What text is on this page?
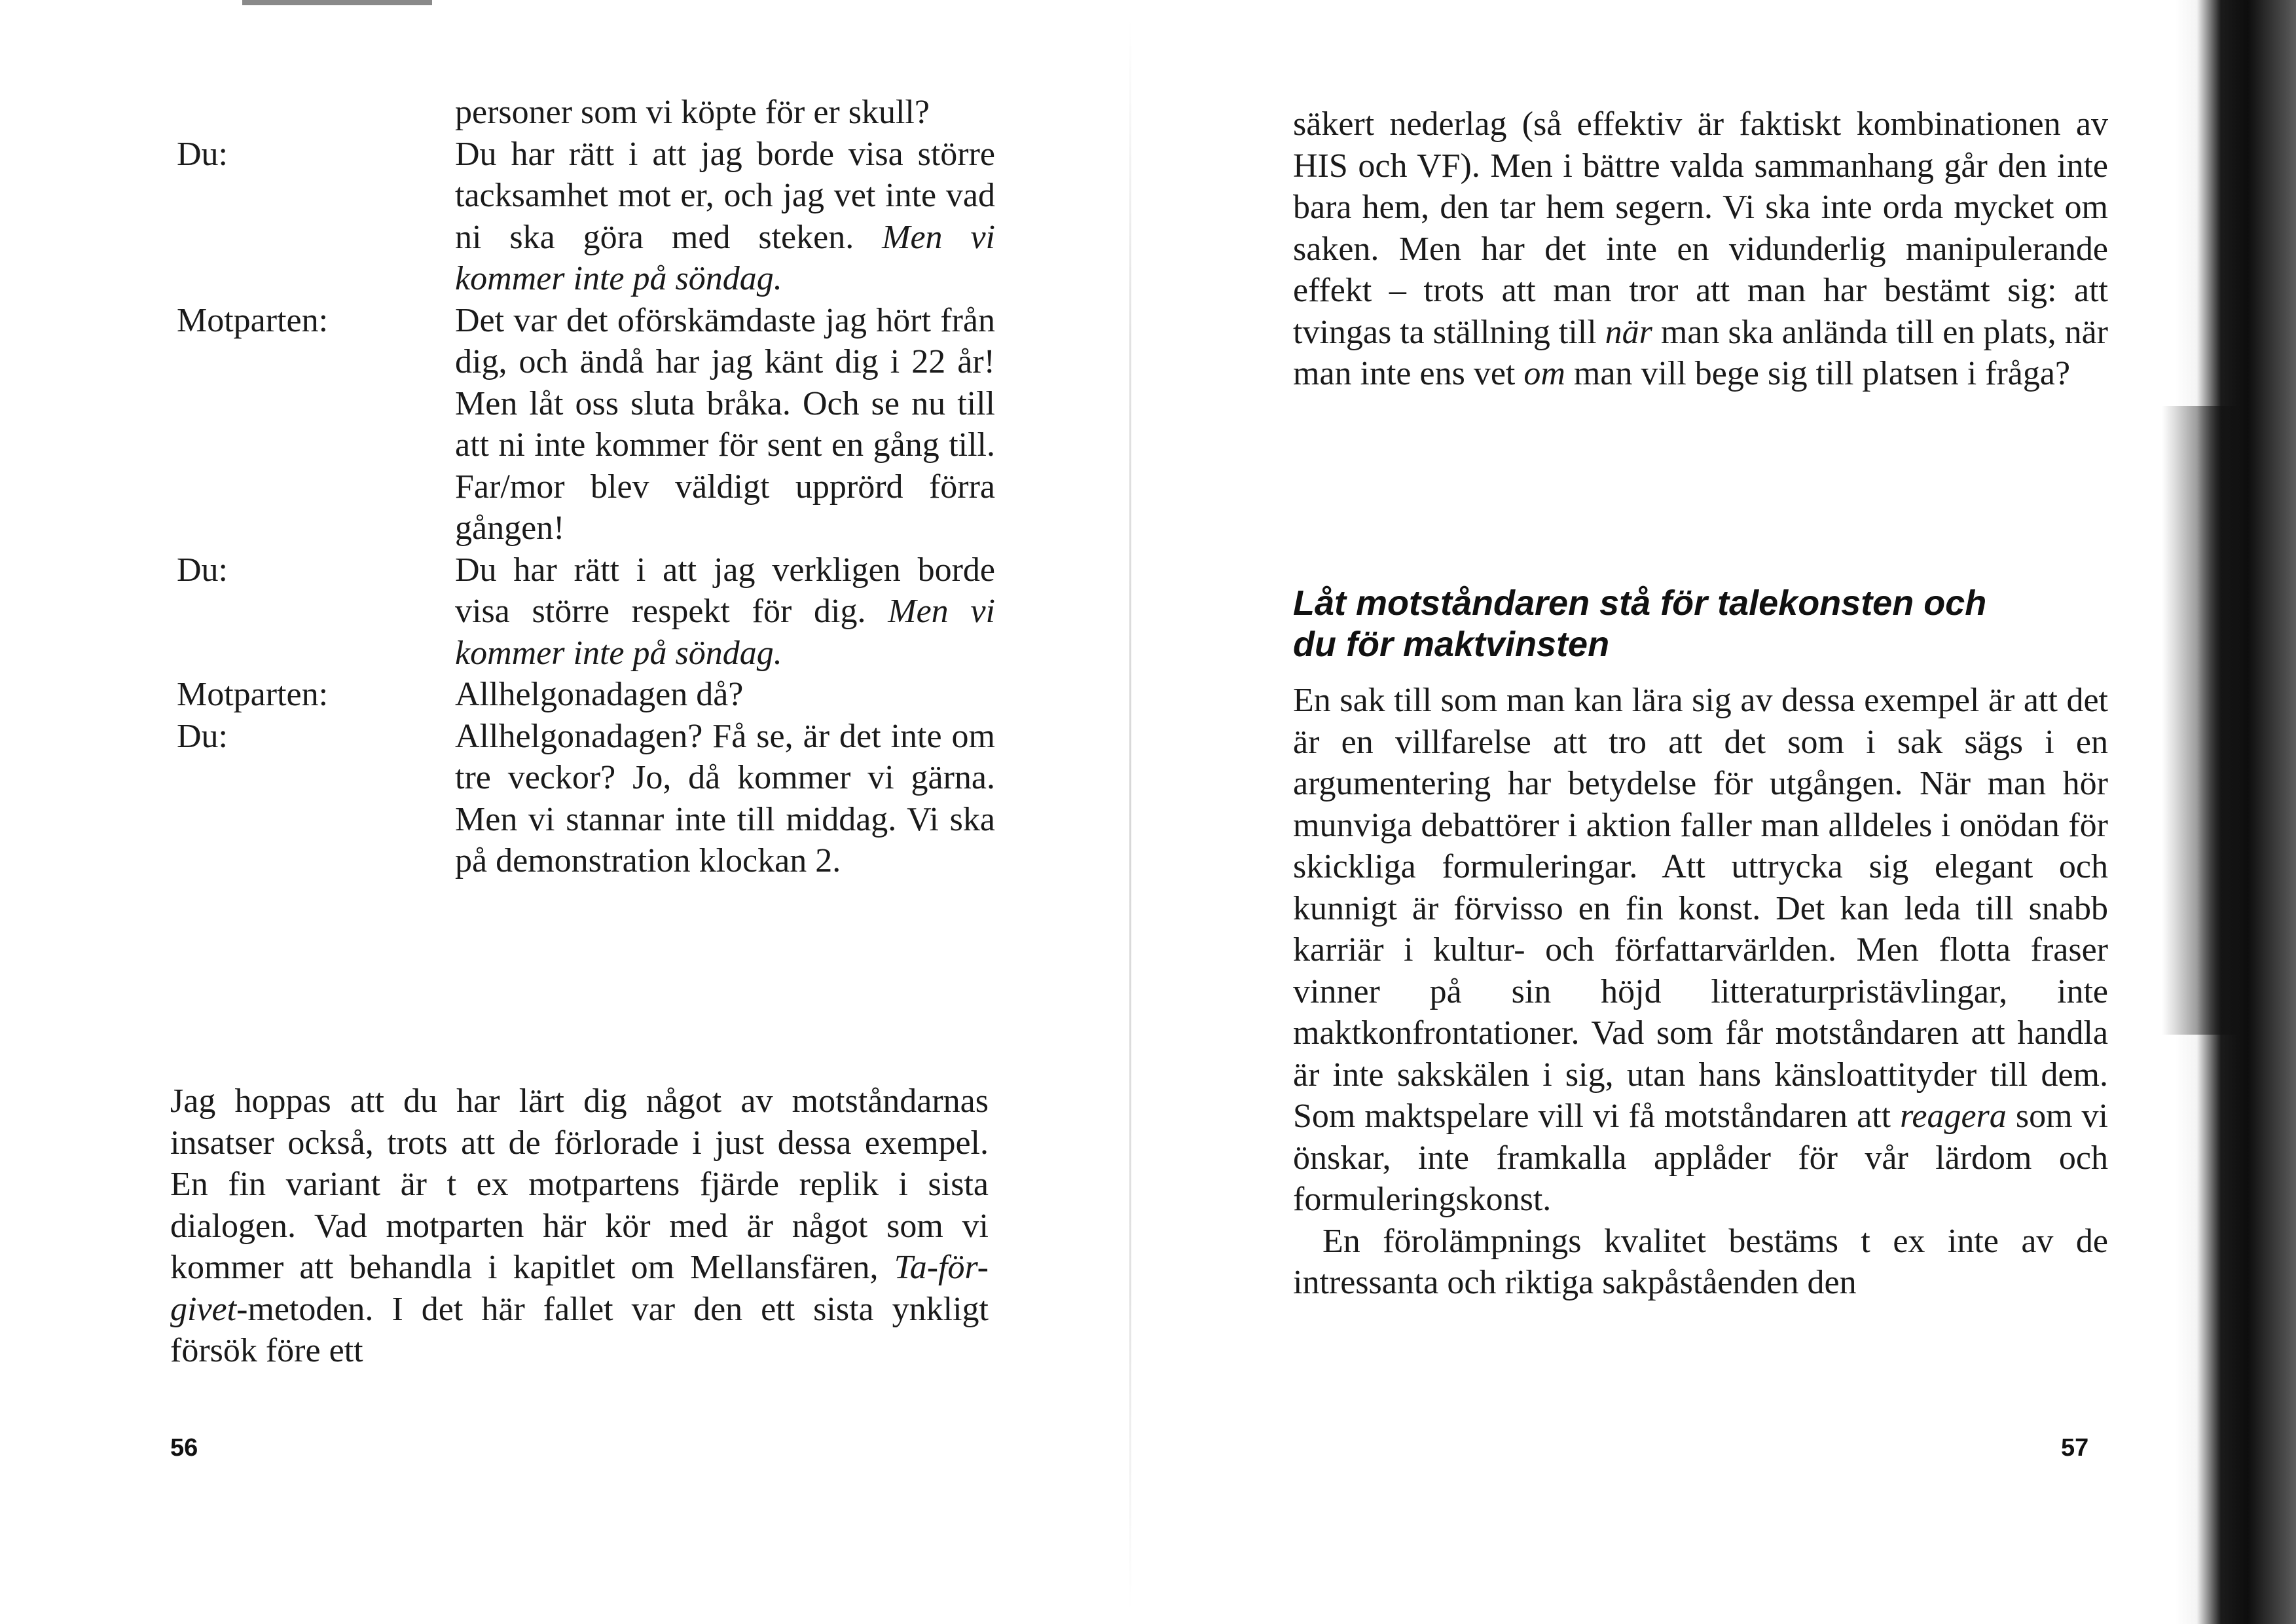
personer som vi köpte för er skull?
Du:	Du har rätt i att jag borde visa större tacksamhet mot er, och jag vet inte vad ni ska göra med steken. Men vi kommer inte på söndag.
Motparten:	Det var det oförskämdaste jag hört från dig, och ändå har jag känt dig i 22 år! Men låt oss sluta bråka. Och se nu till att ni inte kommer för sent en gång till. Far/mor blev väldigt upprörd förra gången!
Du:	Du har rätt i att jag verkligen borde visa större respekt för dig. Men vi kommer inte på söndag.
Motparten:	Allhelgonadagen då?
Du:	Allhelgonadagen? Få se, är det inte om tre veckor? Jo, då kommer vi gärna. Men vi stannar inte till middag. Vi ska på demonstration klockan 2.

Jag hoppas att du har lärt dig något av motståndarnas insatser också, trots att de förlorade i just dessa exempel. En fin variant är t ex motpartens fjärde replik i sista dialogen. Vad motparten här kör med är något som vi kommer att behandla i kapitlet om Mellansfären, Ta-för-givet-metoden. I det här fallet var den ett sista ynkligt försök före ett

säkert nederlag (så effektiv är faktiskt kombinationen av HIS och VF). Men i bättre valda sammanhang går den inte bara hem, den tar hem segern. Vi ska inte orda mycket om saken. Men har det inte en vidunderlig manipulerande effekt – trots att man tror att man har bestämt sig: att tvingas ta ställning till när man ska anlända till en plats, när man inte ens vet om man vill bege sig till platsen i fråga?

Låt motståndaren stå för talekonsten och
du för maktvinsten

En sak till som man kan lära sig av dessa exempel är att det är en villfarelse att tro att det som i sak sägs i en argumentering har betydelse för utgången. När man hör munviga debattörer i aktion faller man alldeles i onödan för skickliga formuleringar. Att uttrycka sig elegant och kunnigt är förvisso en fin konst. Det kan leda till snabb karriär i kultur- och författarvärlden. Men flotta fraser vinner på sin höjd litteraturpristävlingar, inte maktkonfrontationer. Vad som får motståndaren att handla är inte sakskälen i sig, utan hans känsloattityder till dem. Som maktspelare vill vi få motståndaren att reagera som vi önskar, inte framkalla applåder för vår lärdom och formuleringskonst.

En förolämpnings kvalitet bestäms t ex inte av de intressanta och riktiga sakpåståenden den

56	57
